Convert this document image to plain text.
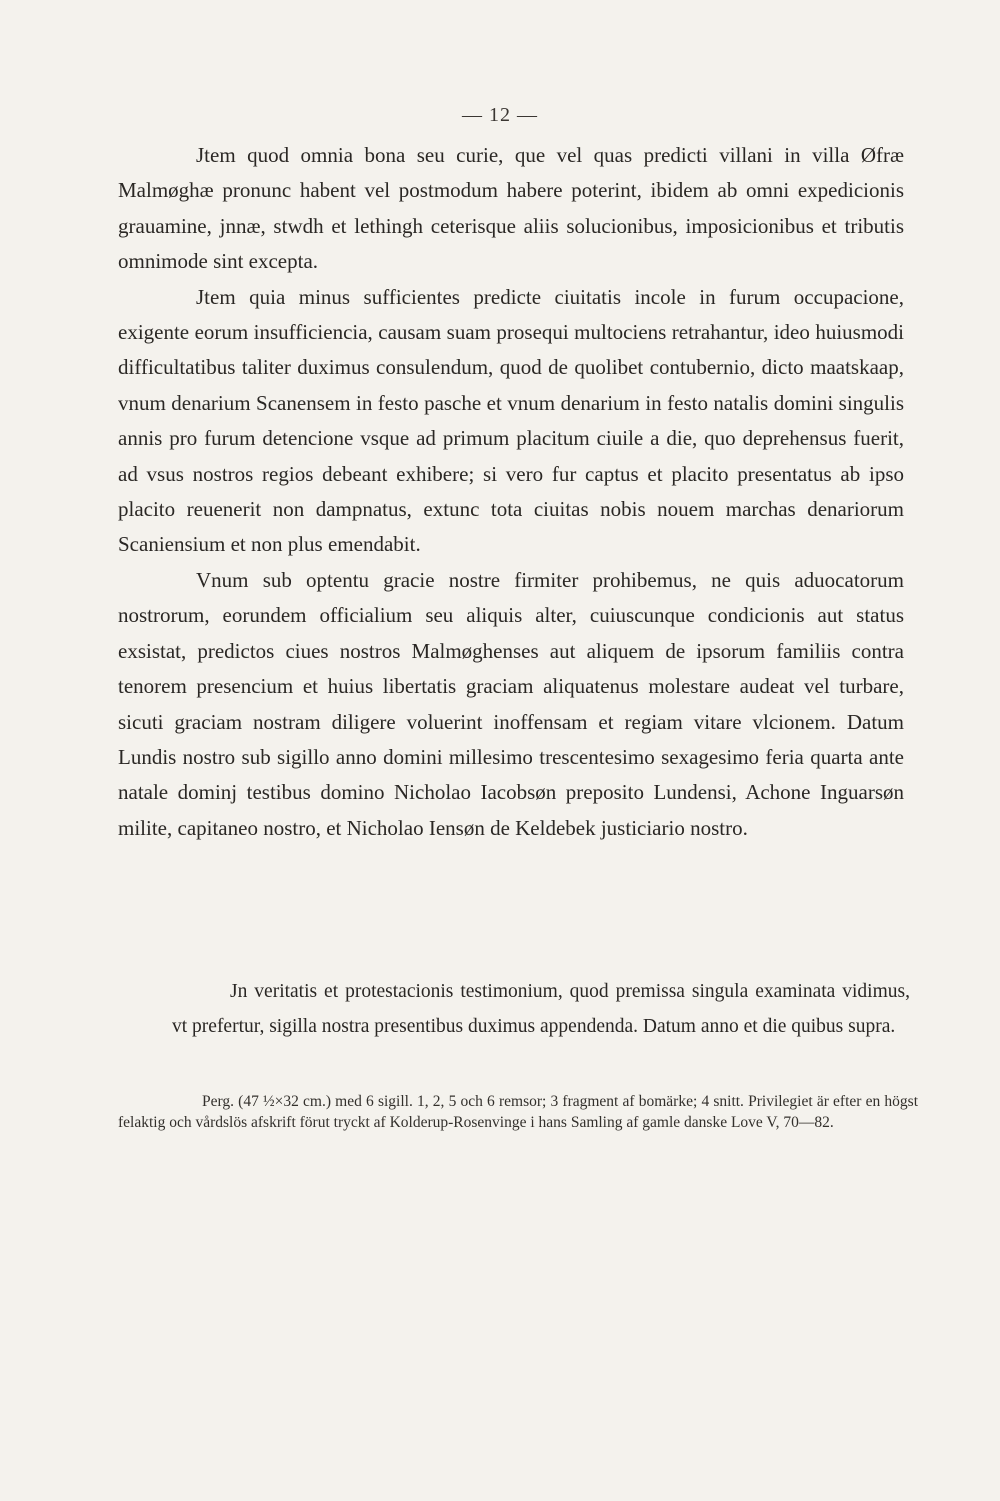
— 12 —

Jtem quod omnia bona seu curie, que vel quas predicti villani in villa Øfræ Malmøghæ pronunc habent vel postmodum habere poterint, ibidem ab omni expedicionis grauamine, jnnæ, stwdh et lethingh ceterisque aliis solucionibus, imposicionibus et tributis omnimode sint excepta.

Jtem quia minus sufficientes predicte ciuitatis incole in furum occupacione, exigente eorum insufficiencia, causam suam prosequi multociens retrahantur, ideo huiusmodi difficultatibus taliter duximus consulendum, quod de quolibet contubernio, dicto maatskaap, vnum denarium Scanensem in festo pasche et vnum denarium in festo natalis domini singulis annis pro furum detencione vsque ad primum placitum ciuile a die, quo deprehensus fuerit, ad vsus nostros regios debeant exhibere; si vero fur captus et placito presentatus ab ipso placito reuenerit non dampnatus, extunc tota ciuitas nobis nouem marchas denariorum Scaniensium et non plus emendabit.

Vnum sub optentu gracie nostre firmiter prohibemus, ne quis aduocatorum nostrorum, eorundem officialium seu aliquis alter, cuiuscunque condicionis aut status exsistat, predictos ciues nostros Malmøghenses aut aliquem de ipsorum familiis contra tenorem presencium et huius libertatis graciam aliquatenus molestare audeat vel turbare, sicuti graciam nostram diligere voluerint inoffensam et regiam vitare vlcionem. Datum Lundis nostro sub sigillo anno domini millesimo trescentesimo sexagesimo feria quarta ante natale dominj testibus domino Nicholao Iacobsøn preposito Lundensi, Achone Inguarsøn milite, capitaneo nostro, et Nicholao Iensøn de Keldebek justiciario nostro.

Jn veritatis et protestacionis testimonium, quod premissa singula examinata vidimus, vt prefertur, sigilla nostra presentibus duximus appendenda. Datum anno et die quibus supra.

Perg. (47 ½×32 cm.) med 6 sigill. 1, 2, 5 och 6 remsor; 3 fragment af bomärke; 4 snitt. Privilegiet är efter en högst felaktig och vårdslös afskrift förut tryckt af Kolderup-Rosenvinge i hans Samling af gamle danske Love V, 70—82.
